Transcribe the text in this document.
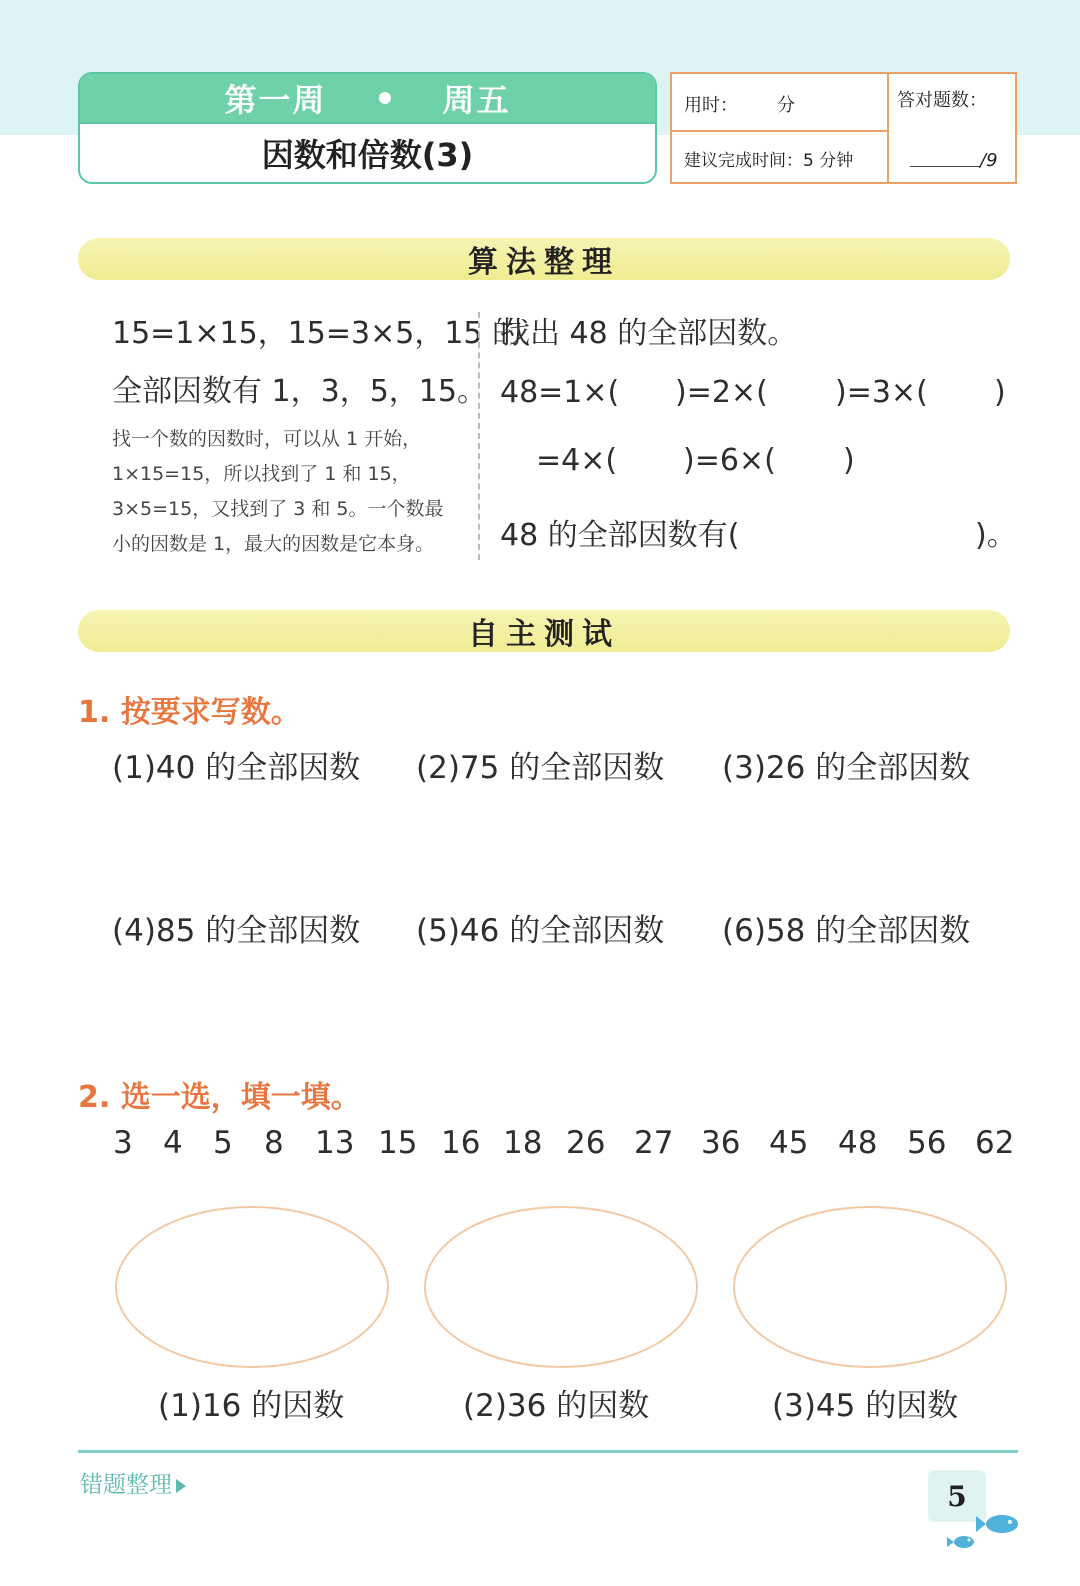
第一周	周五
因数和倍数(3)
用时： 分
建议完成时间：5 分钟
答对题数：
/9
算法整理
15=1×15，15=3×5，15 的
全部因数有 1，3，5，15。
找一个数的因数时，可以从 1 开始，1×15=15，所以找到了 1 和 15，3×5=15，又找到了 3 和 5。一个数最小的因数是 1，最大的因数是它本身。
找出 48 的全部因数。
48=1×( )=2×( )=3×( )
=4×( )=6×( )
48 的全部因数有(	)。
自主测试
1. 按要求写数。
(1)40 的全部因数 (2)75 的全部因数 (3)26 的全部因数
(4)85 的全部因数 (5)46 的全部因数 (6)58 的全部因数
2. 选一选，填一填。
3 4 5 8 13 15 16 18 26 27 36 45 48 56 62
(1)16 的因数	(2)36 的因数	(3)45 的因数
错题整理	5
